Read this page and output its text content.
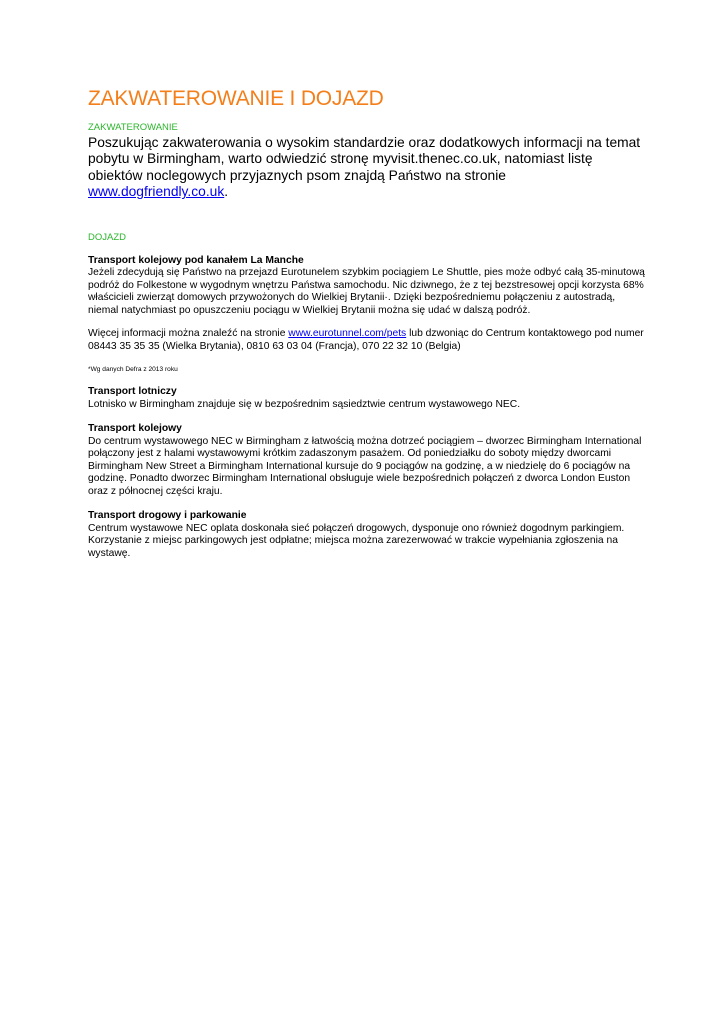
ZAKWATEROWANIE I DOJAZD
ZAKWATEROWANIE

Poszukując zakwaterowania o wysokim standardzie oraz dodatkowych informacji na temat pobytu w Birmingham, warto odwiedzić stronę myvisit.thenec.co.uk, natomiast listę obiektów noclegowych przyjaznych psom znajdą Państwo na stronie www.dogfriendly.co.uk.

DOJAZD

Transport kolejowy pod kanałem La Manche

Jeżeli zdecydują się Państwo na przejazd Eurotunelem szybkim pociągiem Le Shuttle, pies może odbyć całą 35-minutową podróż do Folkestone w wygodnym wnętrzu Państwa samochodu. Nic dziwnego, że z tej bezstresowej opcji korzysta 68% właścicieli zwierząt domowych przywożonych do Wielkiej Brytanii·. Dzięki bezpośredniemu połączeniu z autostradą, niemal natychmiast po opuszczeniu pociągu w Wielkiej Brytanii można się udać w dalszą podróż.

Więcej informacji można znaleźć na stronie www.eurotunnel.com/pets lub dzwoniąc do Centrum kontaktowego pod numer 08443 35 35 35 (Wielka Brytania), 0810 63 03 04 (Francja), 070 22 32 10 (Belgia)

*Wg danych Defra z 2013 roku

Transport lotniczy

Lotnisko w Birmingham znajduje się w bezpośrednim sąsiedztwie centrum wystawowego NEC.

Transport kolejowy

Do centrum wystawowego NEC w Birmingham z łatwością można dotrzeć pociągiem – dworzec Birmingham International połączony jest z halami wystawowymi krótkim zadaszonym pasażem. Od poniedziałku do soboty między dworcami Birmingham New Street a Birmingham International kursuje do 9 pociągów na godzinę, a w niedzielę do 6 pociągów na godzinę. Ponadto dworzec Birmingham International obsługuje wiele bezpośrednich połączeń z dworca London Euston oraz z północnej części kraju.

Transport drogowy i parkowanie

Centrum wystawowe NEC oplata doskonała sieć połączeń drogowych, dysponuje ono również dogodnym parkingiem. Korzystanie z miejsc parkingowych jest odpłatne; miejsca można zarezerwować w trakcie wypełniania zgłoszenia na wystawę.
